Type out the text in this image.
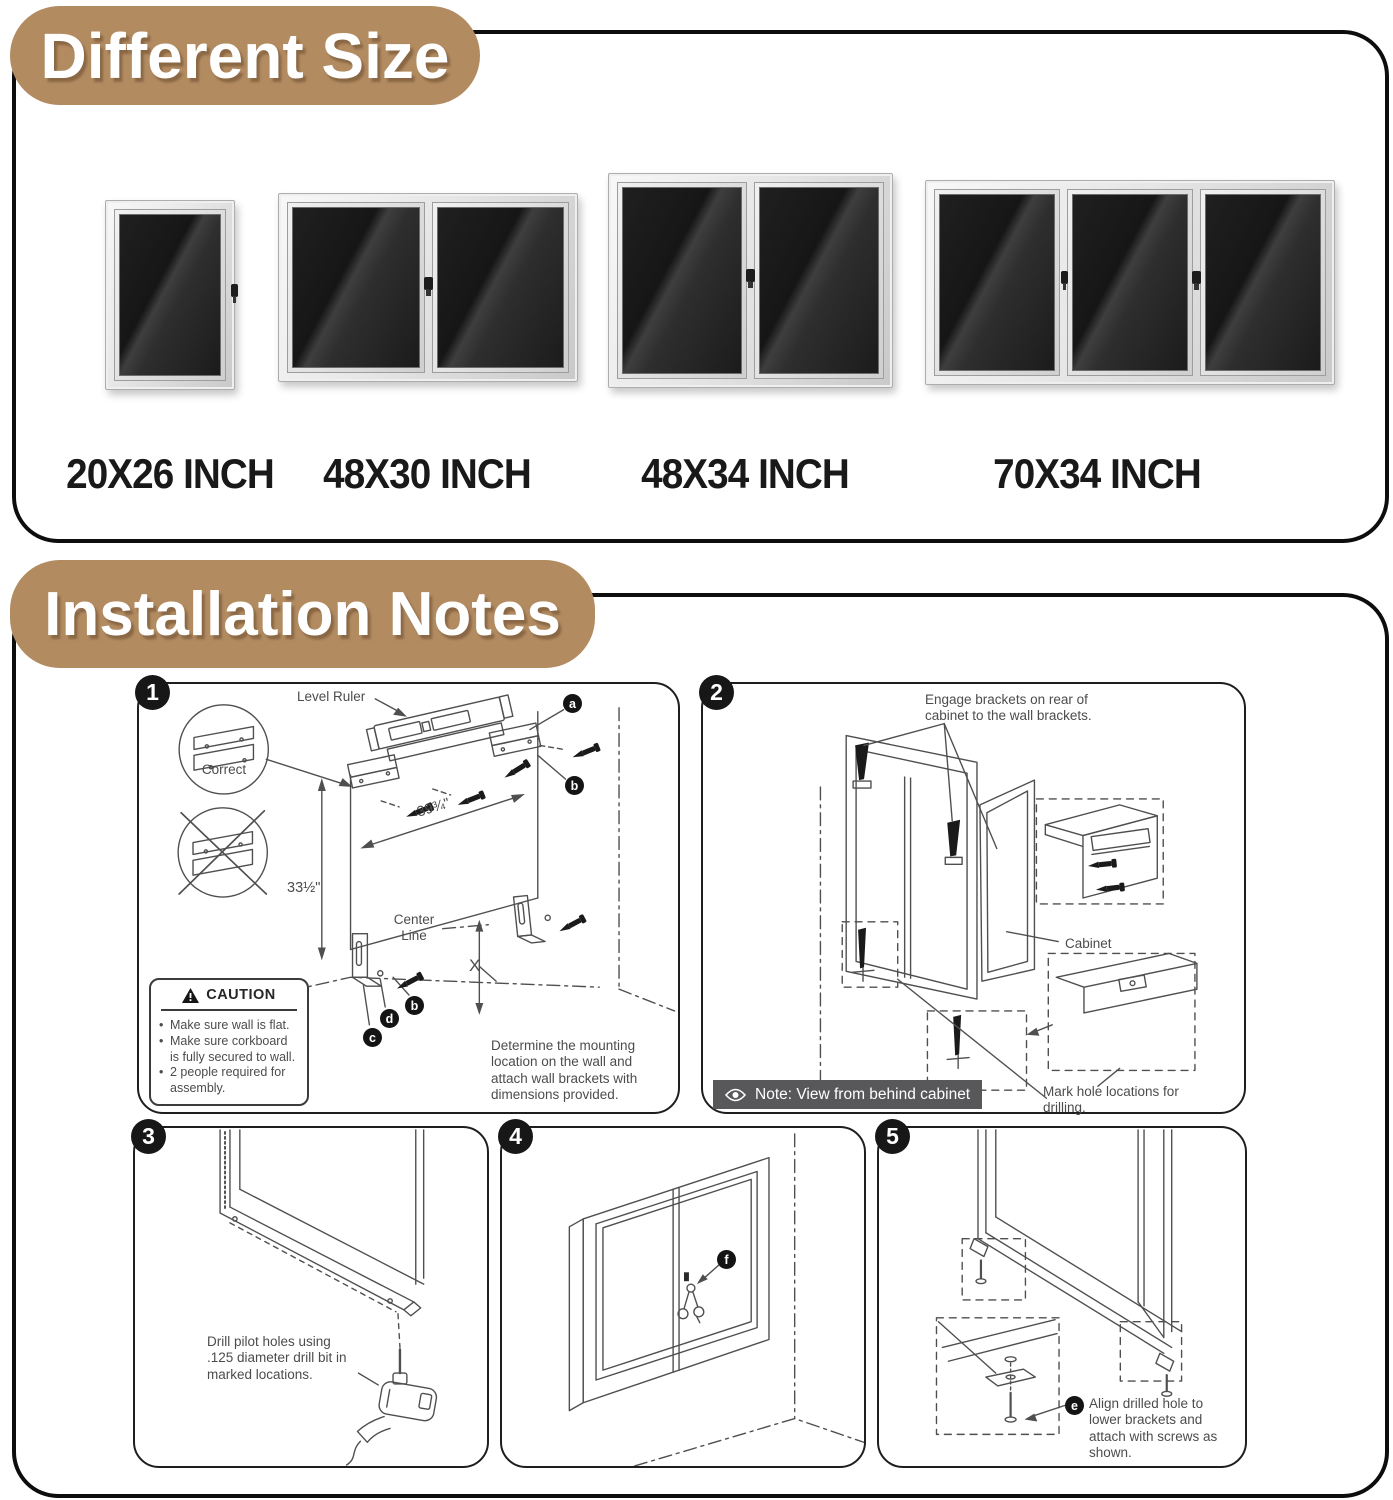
Different Size
20X26 INCH	48X30 INCH	48X34 INCH	70X34 INCH
Installation Notes
1	Level Ruler
Correct
39¾"
33½"
Center Line
X
a
b
c
d
b
CAUTION
• Make sure wall is flat.
• Make sure corkboard is fully secured to wall.
• 2 people required for assembly.
Determine the mounting location on the wall and attach wall brackets with dimensions provided.
2	Engage brackets on rear of cabinet to the wall brackets.
Cabinet
Mark hole locations for drilling.
Note: View from behind cabinet
3
Drill pilot holes using .125 diameter drill bit in marked locations.
4
f
5
e Align drilled hole to lower brackets and attach with screws as shown.
